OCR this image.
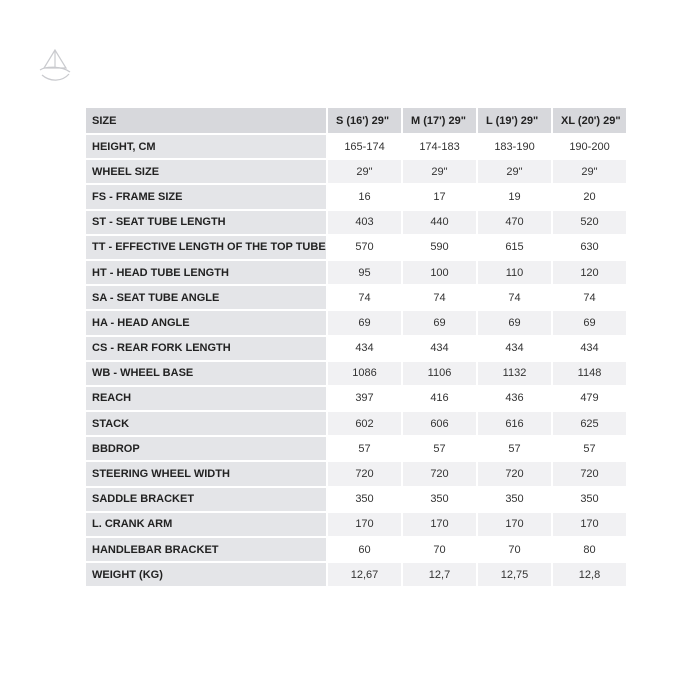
SIZE	S (16') 29"	M (17') 29"	L (19') 29"	XL (20') 29"
HEIGHT, CM	165-174	174-183	183-190	190-200
WHEEL SIZE	29"	29"	29"	29"
FS - FRAME SIZE	16	17	19	20
ST - SEAT TUBE LENGTH	403	440	470	520
TT - EFFECTIVE LENGTH OF THE TOP TUBE	570	590	615	630
HT - HEAD TUBE LENGTH	95	100	110	120
SA - SEAT TUBE ANGLE	74	74	74	74
HA - HEAD ANGLE	69	69	69	69
CS - REAR FORK LENGTH	434	434	434	434
WB - WHEEL BASE	1086	1106	1132	1148
REACH	397	416	436	479
STACK	602	606	616	625
BBDROP	57	57	57	57
STEERING WHEEL WIDTH	720	720	720	720
SADDLE BRACKET	350	350	350	350
L. CRANK ARM	170	170	170	170
HANDLEBAR BRACKET	60	70	70	80
WEIGHT (KG)	12,67	12,7	12,75	12,8
